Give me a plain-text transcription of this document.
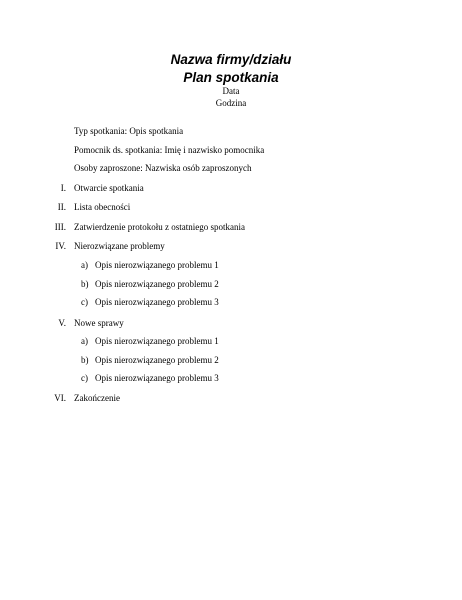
Nazwa firmy/działu
Plan spotkania
Data
Godzina
Typ spotkania: Opis spotkania
Pomocnik ds. spotkania: Imię i nazwisko pomocnika
Osoby zaproszone: Nazwiska osób zaproszonych
I. Otwarcie spotkania
II. Lista obecności
III. Zatwierdzenie protokołu z ostatniego spotkania
IV. Nierozwiązane problemy
a) Opis nierozwiązanego problemu 1
b) Opis nierozwiązanego problemu 2
c) Opis nierozwiązanego problemu 3
V. Nowe sprawy
a) Opis nierozwiązanego problemu 1
b) Opis nierozwiązanego problemu 2
c) Opis nierozwiązanego problemu 3
VI. Zakończenie
